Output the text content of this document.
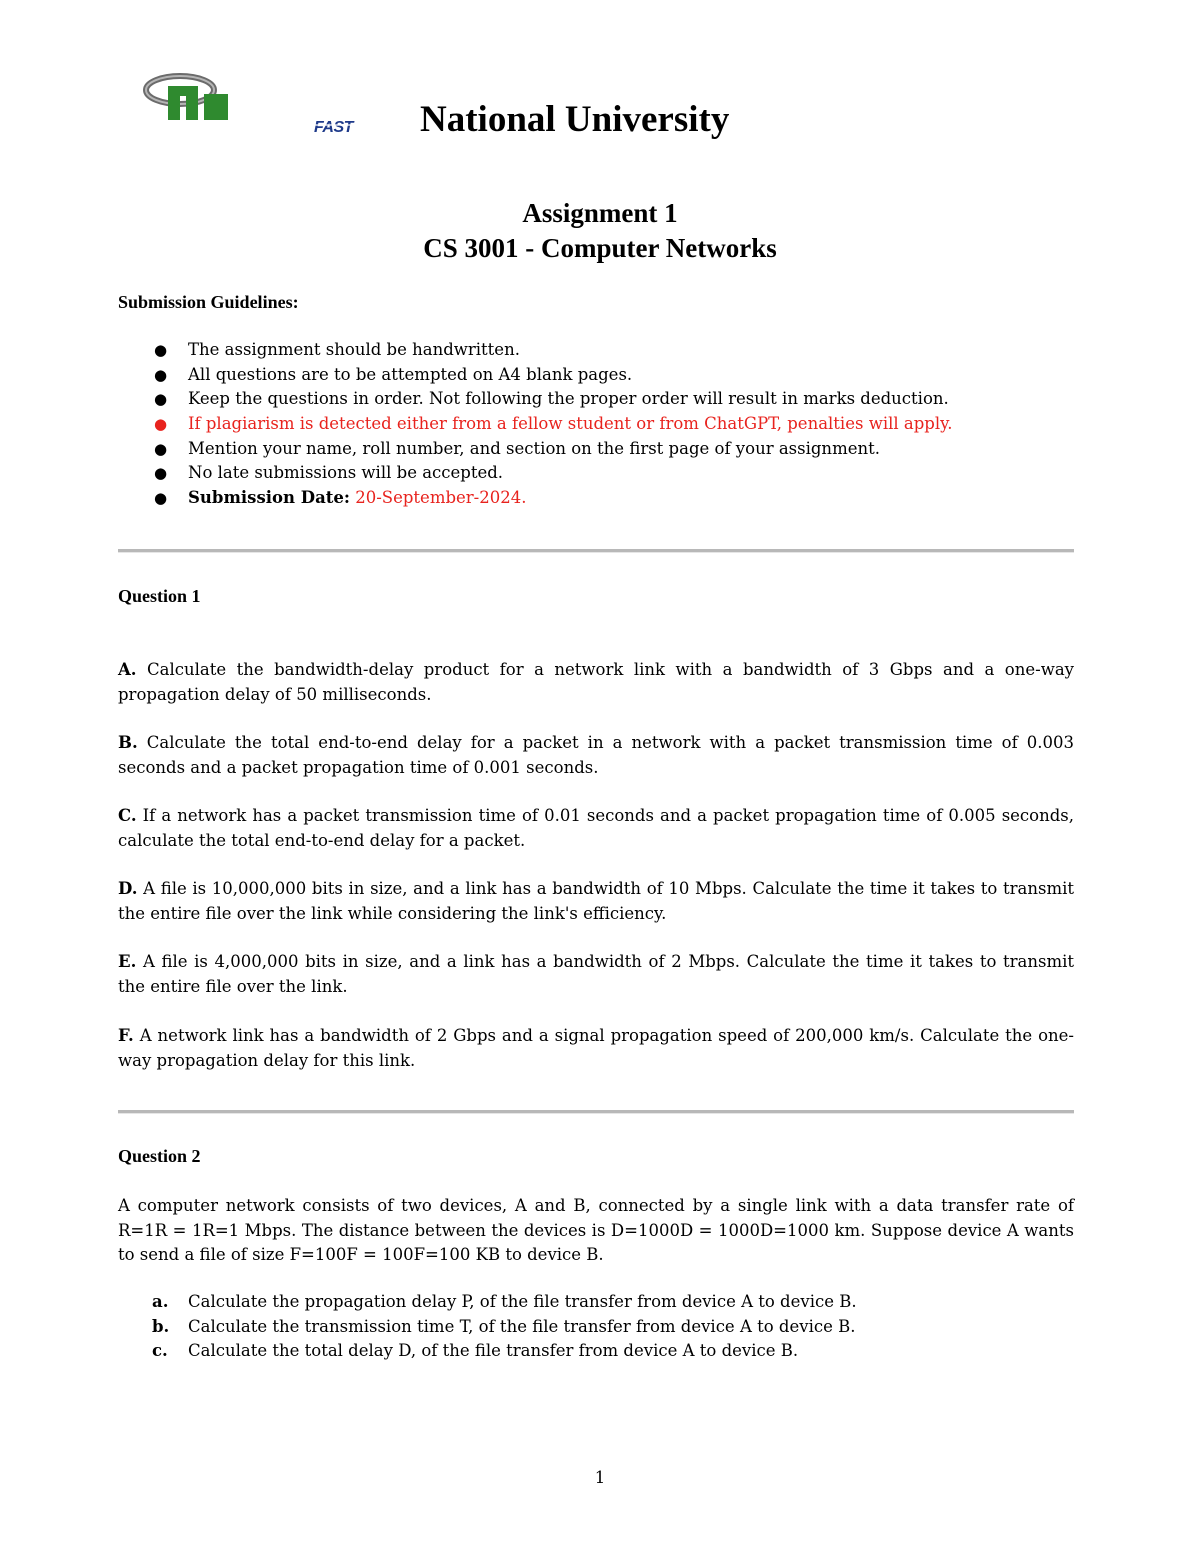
FAST National University
Assignment 1
CS 3001 - Computer Networks
Submission Guidelines:
● The assignment should be handwritten.
● All questions are to be attempted on A4 blank pages.
● Keep the questions in order. Not following the proper order will result in marks deduction.
● If plagiarism is detected either from a fellow student or from ChatGPT, penalties will apply.
● Mention your name, roll number, and section on the first page of your assignment.
● No late submissions will be accepted.
● Submission Date: 20-September-2024.
Question 1

A. Calculate the bandwidth-delay product for a network link with a bandwidth of 3 Gbps and a one-way propagation delay of 50 milliseconds.

B. Calculate the total end-to-end delay for a packet in a network with a packet transmission time of 0.003 seconds and a packet propagation time of 0.001 seconds.

C. If a network has a packet transmission time of 0.01 seconds and a packet propagation time of 0.005 seconds, calculate the total end-to-end delay for a packet.

D. A file is 10,000,000 bits in size, and a link has a bandwidth of 10 Mbps. Calculate the time it takes to transmit the entire file over the link while considering the link's efficiency.

E. A file is 4,000,000 bits in size, and a link has a bandwidth of 2 Mbps. Calculate the time it takes to transmit the entire file over the link.

F. A network link has a bandwidth of 2 Gbps and a signal propagation speed of 200,000 km/s. Calculate the one-way propagation delay for this link.

Question 2

A computer network consists of two devices, A and B, connected by a single link with a data transfer rate of R=1R = 1R=1 Mbps. The distance between the devices is D=1000D = 1000D=1000 km. Suppose device A wants to send a file of size F=100F = 100F=100 KB to device B.

a. Calculate the propagation delay P, of the file transfer from device A to device B.
b. Calculate the transmission time T, of the file transfer from device A to device B.
c. Calculate the total delay D, of the file transfer from device A to device B.
1
